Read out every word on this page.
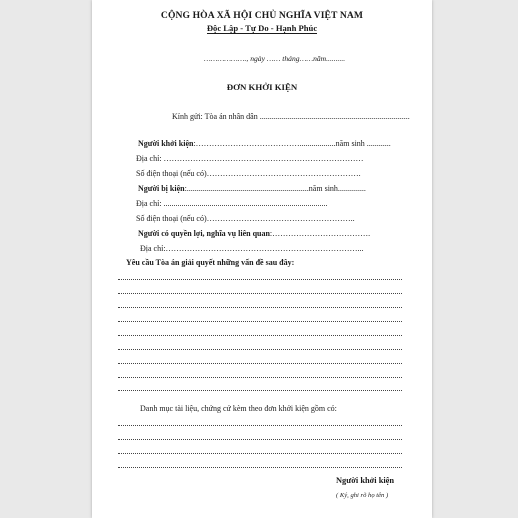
CỘNG HÒA XÃ HỘI CHỦ NGHĨA VIỆT NAM
Độc Lập - Tự Do - Hạnh Phúc
………………., ngày …… tháng……năm..........
ĐƠN KHỞI KIỆN
Kính gửi: Tòa án nhân dân ...........................................................................
Người khởi kiện:…………………………………..................năm sinh ............
Địa chỉ: …………………………………………………………………
Số điện thoại (nếu có)………………………………………………….
Người bị kiện:.............................................................năm sinh..............
Địa chỉ: ..................................................................................
Số điện thoại (nếu có)………………………………………………..
Người có quyền lợi, nghĩa vụ liên quan:……………………………….
Địa chỉ:………………………………………………………………...
Yêu cầu Tòa án giải quyết những vấn đề sau đây:
Danh mục tài liệu, chứng cứ kèm theo đơn khởi kiện gồm có:
Người khởi kiện
( Ký, ghi rõ họ tên )
